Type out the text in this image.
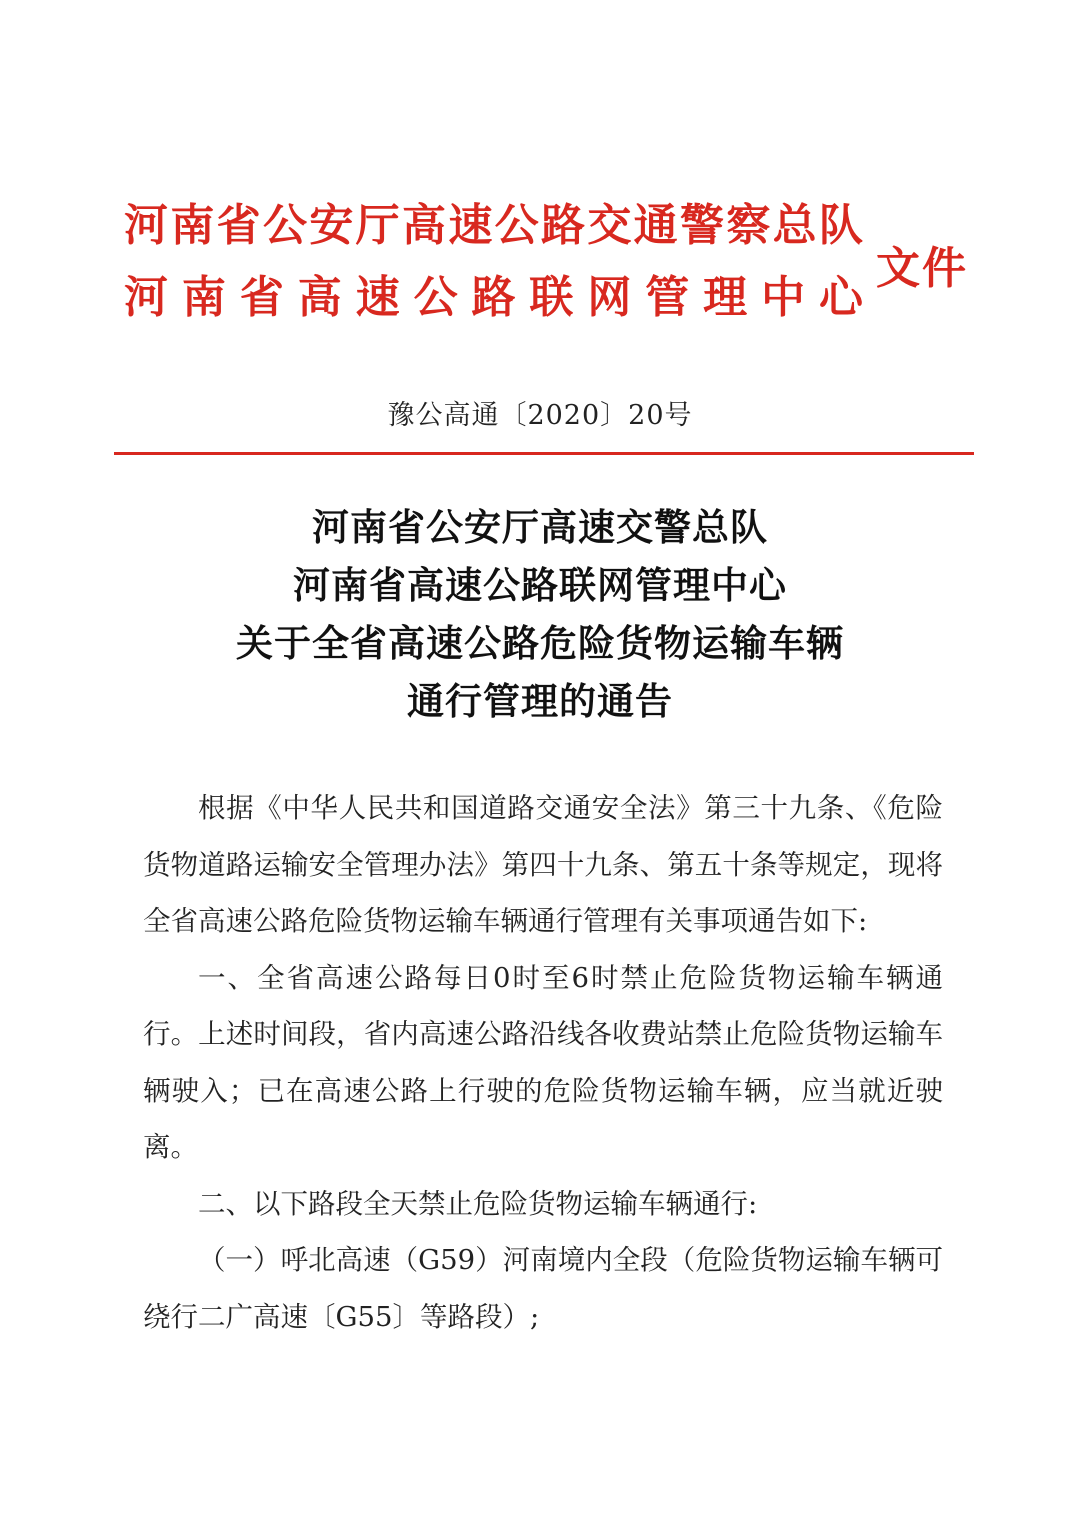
河南省公安厅高速公路交通警察总队
河南省高速公路联网管理中心
文件
豫公高通〔2020〕20号
河南省公安厅高速交警总队
河南省高速公路联网管理中心
关于全省高速公路危险货物运输车辆
通行管理的通告

根据《中华人民共和国道路交通安全法》第三十九条、《危险货物道路运输安全管理办法》第四十九条、第五十条等规定，现将全省高速公路危险货物运输车辆通行管理有关事项通告如下:

一、全省高速公路每日0时至6时禁止危险货物运输车辆通行。上述时间段，省内高速公路沿线各收费站禁止危险货物运输车辆驶入；已在高速公路上行驶的危险货物运输车辆，应当就近驶离。

二、以下路段全天禁止危险货物运输车辆通行:

（一）呼北高速（G59）河南境内全段（危险货物运输车辆可绕行二广高速〔G55〕等路段）;
